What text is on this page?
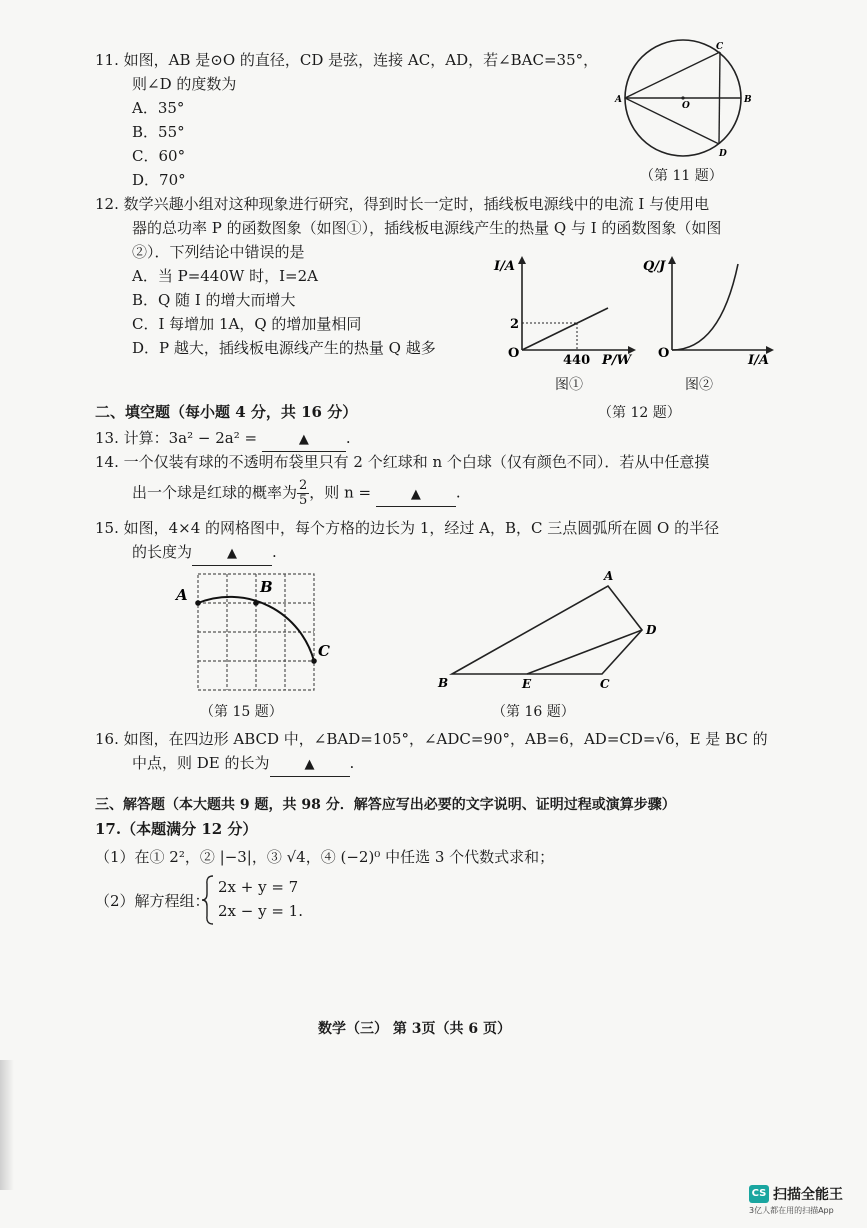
11. 如图，AB 是⊙O 的直径，CD 是弦，连接 AC，AD，若∠BAC=35°，
则∠D 的度数为
A．35°
B．55°
C．60°
D．70°
A	B
C
D
O
（第 11 题）
12. 数学兴趣小组对这种现象进行研究，得到时长一定时，插线板电源线中的电流 I 与使用电
器的总功率 P 的函数图象（如图①），插线板电源线产生的热量 Q 与 I 的函数图象（如图
②）．下列结论中错误的是
A．当 P=440W 时，I=2A
B．Q 随 I 的增大而增大
C．I 每增加 1A，Q 的增加量相同
D．P 越大，插线板电源线产生的热量 Q 越多
I/A
P/W
O
2
440
图①
Q/J
I/A
O
图②
（第 12 题）
二、填空题（每小题 4 分，共 16 分）
13. 计算：3a² − 2a² =	▲ .
14. 一个仅装有球的不透明布袋里只有 2 个红球和 n 个白球（仅有颜色不同）．若从中任意摸
出一个球是红球的概率为 $\frac{2}{5}$ ，则 n =	▲ .
15. 如图，4×4 的网格图中，每个方格的边长为 1，经过 A，B，C 三点圆弧所在圆 O 的半径
的长度为	▲ .
A	B
C
（第 15 题）
A
B	C
D
E
（第 16 题）
16. 如图，在四边形 ABCD 中，∠BAD=105°，∠ADC=90°，AB=6，AD=CD=√6，E 是 BC 的
中点，则 DE 的长为	▲ .
三、解答题（本大题共 9 题，共 98 分．解答应写出必要的文字说明、证明过程或演算步骤）
17.（本题满分 12 分）
（1）在① 2²，② |−3|，③ √4，④ (−2)⁰ 中任选 3 个代数式求和；
（2）解方程组：
2x + y = 7
2x − y = 1.
数学（三） 第 3页（共 6 页）
CS 扫描全能王
3亿人都在用的扫描App
